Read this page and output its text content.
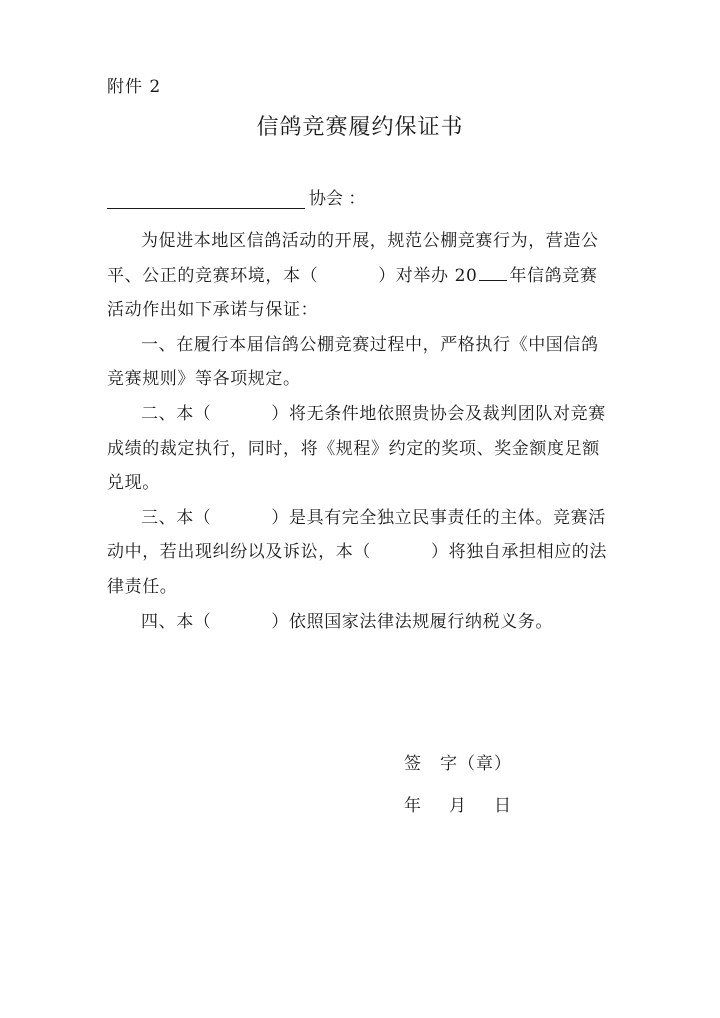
附件 2
信鸽竞赛履约保证书
协会 ：

为促进本地区信鸽活动的开展，规范公棚竞赛行为，营造公平、公正的竞赛环境，本（	）对举办 20 年信鸽竞赛活动作出如下承诺与保证：

一、在履行本届信鸽公棚竞赛过程中，严格执行《中国信鸽竞赛规则》等各项规定。

二、本（	）将无条件地依照贵协会及裁判团队对竞赛成绩的裁定执行，同时，将《规程》约定的奖项、奖金额度足额兑现。

三、本（	）是具有完全独立民事责任的主体。竞赛活动中，若出现纠纷以及诉讼，本（	）将独自承担相应的法律责任。

四、本（	）依照国家法律法规履行纳税义务。

签　字（章）
年 月 日
